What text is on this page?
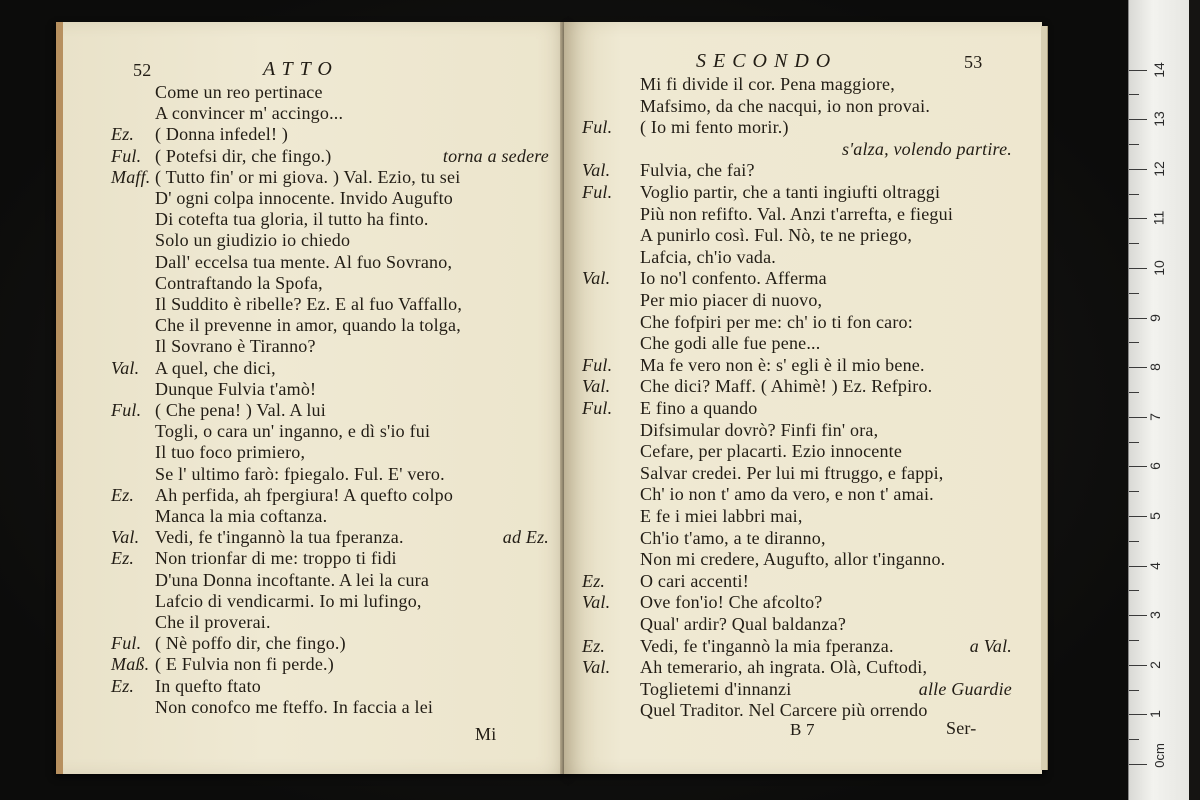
52	ATTO
Come un reo pertinace
A convincer m' accingo...
Ez. ( Donna infedel! )
Ful. ( Potefsi dir, che fingo.)	torna a sedere
Maff. ( Tutto fin' or mi giova. ) Val. Ezio, tu sei
D' ogni colpa innocente. Invido Augufto
Di cotefta tua gloria, il tutto ha finto.
Solo un giudizio io chiedo
Dall' eccelsa tua mente. Al fuo Sovrano,
Contraftando la Spofa,
Il Suddito è ribelle? Ez. E al fuo Vaffallo,
Che il prevenne in amor, quando la tolga,
Il Sovrano è Tiranno?
Val. A quel, che dici,
Dunque Fulvia t'amò!
Ful. ( Che pena! ) Val. A lui
Togli, o cara un' inganno, e dì s'io fui
Il tuo foco primiero,
Se l' ultimo farò: fpiegalo. Ful. E' vero.
Ez. Ah perfida, ah fpergiura! A quefto colpo
Manca la mia coftanza.
Val. Vedi, fe t'ingannò la tua fperanza.	ad Ez.
Ez. Non trionfar di me: troppo ti fidi
D'una Donna incoftante. A lei la cura
Lafcio di vendicarmi. Io mi lufingo,
Che il proverai.
Ful. ( Nè poffo dir, che fingo.)
Maß. ( E Fulvia non fi perde.)
Ez. In quefto ftato
Non conofco me fteffo. In faccia a lei
Mi
SECONDO	53
Mi fi divide il cor. Pena maggiore,
Mafsimo, da che nacqui, io non provai.
Ful. ( Io mi fento morir.)
s'alza, volendo partire.
Val. Fulvia, che fai?
Ful. Voglio partir, che a tanti ingiufti oltraggi
Più non refifto. Val. Anzi t'arrefta, e fiegui
A punirlo così. Ful. Nò, te ne priego,
Lafcia, ch'io vada.
Val. Io no'l confento. Afferma
Per mio piacer di nuovo,
Che fofpiri per me: ch' io ti fon caro:
Che godi alle fue pene...
Ful. Ma fe vero non è: s' egli è il mio bene.
Val. Che dici? Maff. ( Ahimè! ) Ez. Refpiro.
Ful. E fino a quando
Difsimular dovrò? Finfi fin' ora,
Cefare, per placarti. Ezio innocente
Salvar credei. Per lui mi ftruggo, e fappi,
Ch' io non t' amo da vero, e non t' amai.
E fe i miei labbri mai,
Ch'io t'amo, a te diranno,
Non mi credere, Augufto, allor t'inganno.
Ez. O cari accenti!
Val. Ove fon'io! Che afcolto?
Qual' ardir? Qual baldanza?
Ez. Vedi, fe t'ingannò la mia fperanza.	a Val.
Val. Ah temerario, ah ingrata. Olà, Cuftodi,
Toglietemi d'innanzi	alle Guardie
Quel Traditor. Nel Carcere più orrendo
B 7	Ser-
0cm
1
2
3
4
5
6
7
8
9
10
11
12
13
14
